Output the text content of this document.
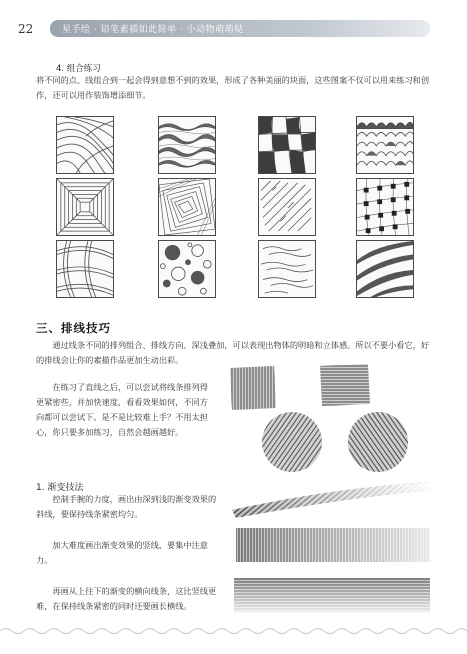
22	星手绘 · 铅笔素描如此简单 · 小动物萌萌哒
4. 组合练习

将不同的点、线组合到一起会得到意想不到的效果，形成了各种美丽的块面，这些图案不仅可以用来练习和创作，还可以用作装饰增添细节。

三、排线技巧

通过线条不同的排列组合、排线方向、深浅叠加，可以表现出物体的明暗和立体感。所以不要小看它，好的排线会让你的素描作品更加生动出彩。

在练习了直线之后，可以尝试将线条排列得更紧密些，并加快速度，看看效果如何，不同方向都可以尝试下。是不是比较难上手？不用太担心，你只要多加练习，自然会越画越好。

1. 渐变技法

控制手腕的力度，画出由深到浅的渐变效果的斜线，要保持线条紧密均匀。

加大难度画出渐变效果的竖线，要集中注意力。

再画从上往下的渐变的横向线条，这比竖线更难，在保持线条紧密的同时还要画长横线。
